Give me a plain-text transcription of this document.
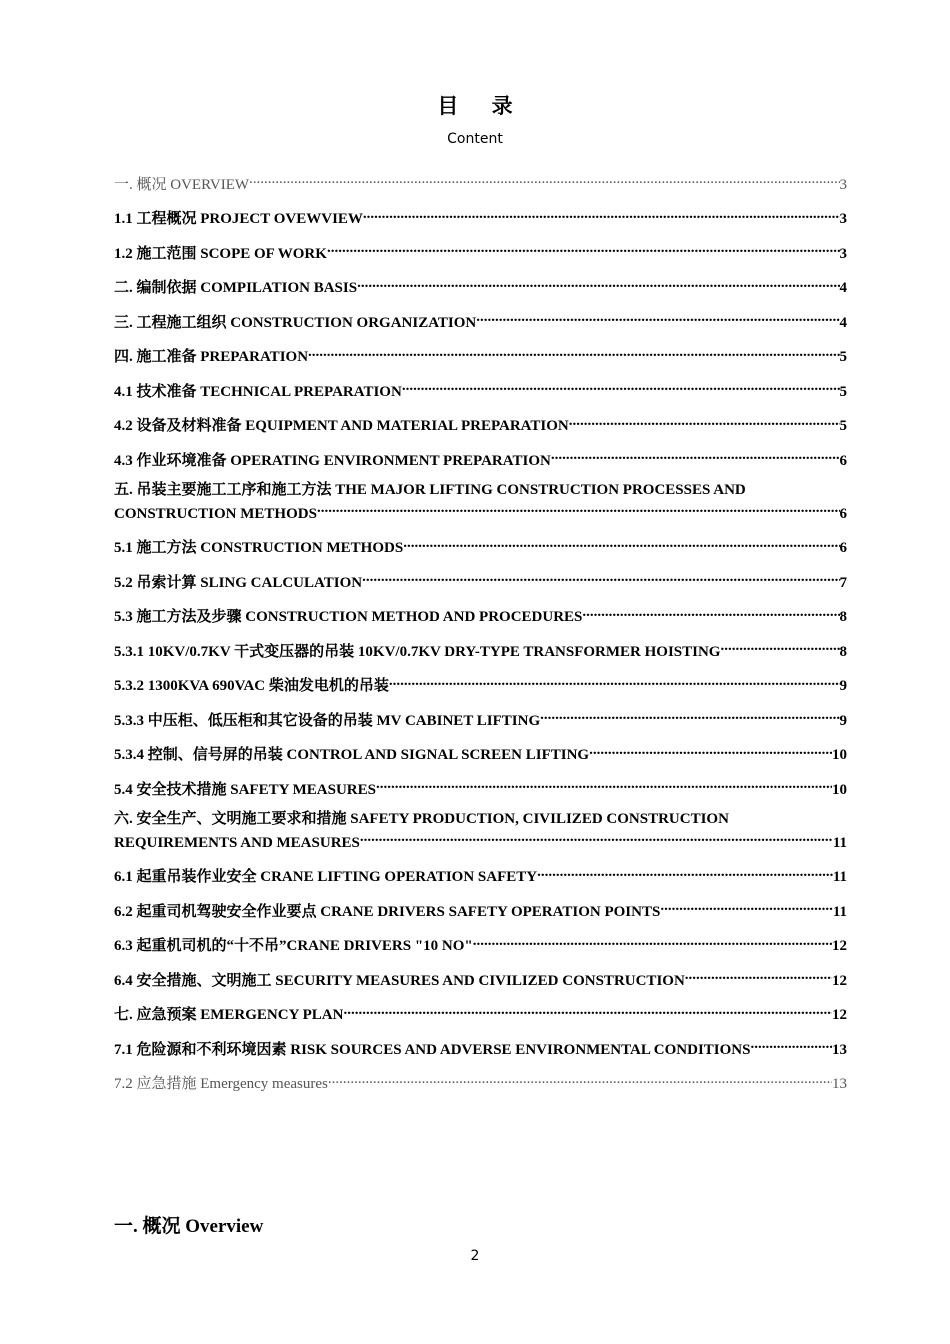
目 录
Content
一. 概况 OVERVIEW .....	3
1.1 工程概况 PROJECT OVEWVIEW .....	3
1.2 施工范围 SCOPE OF WORK .....	3
二. 编制依据 COMPILATION BASIS .....	4
三. 工程施工组织 CONSTRUCTION ORGANIZATION .....	4
四. 施工准备 PREPARATION .....	5
4.1 技术准备 TECHNICAL PREPARATION .....	5
4.2 设备及材料准备 EQUIPMENT AND MATERIAL PREPARATION .....	5
4.3 作业环境准备 OPERATING ENVIRONMENT PREPARATION .....	6
五. 吊装主要施工工序和施工方法 THE MAJOR LIFTING CONSTRUCTION PROCESSES AND
CONSTRUCTION METHODS .....	6
5.1 施工方法 CONSTRUCTION METHODS .....	6
5.2 吊索计算 SLING CALCULATION .....	7
5.3 施工方法及步骤 CONSTRUCTION METHOD AND PROCEDURES .....	8
5.3.1 10KV/0.7KV 干式变压器的吊装 10KV/0.7KV DRY-TYPE TRANSFORMER HOISTING .....	8
5.3.2 1300KVA 690VAC 柴油发电机的吊装 .....	9
5.3.3 中压柜、低压柜和其它设备的吊装 MV CABINET LIFTING .....	9
5.3.4 控制、信号屏的吊装 CONTROL AND SIGNAL SCREEN LIFTING .....	10
5.4 安全技术措施 SAFETY MEASURES .....	10
六. 安全生产、文明施工要求和措施 SAFETY PRODUCTION, CIVILIZED CONSTRUCTION
REQUIREMENTS AND MEASURES .....	11
6.1 起重吊装作业安全 CRANE LIFTING OPERATION SAFETY .....	11
6.2 起重司机驾驶安全作业要点 CRANE DRIVERS SAFETY OPERATION POINTS .....	11
6.3 起重机司机的“十不吊”CRANE DRIVERS "10 NO" .....	12
6.4 安全措施、文明施工 SECURITY MEASURES AND CIVILIZED CONSTRUCTION .....	12
七. 应急预案 EMERGENCY PLAN .....	12
7.1 危险源和不利环境因素 RISK SOURCES AND ADVERSE ENVIRONMENTAL CONDITIONS .....	13
7.2 应急措施 Emergency measures .....	13
一. 概况 Overview
2
